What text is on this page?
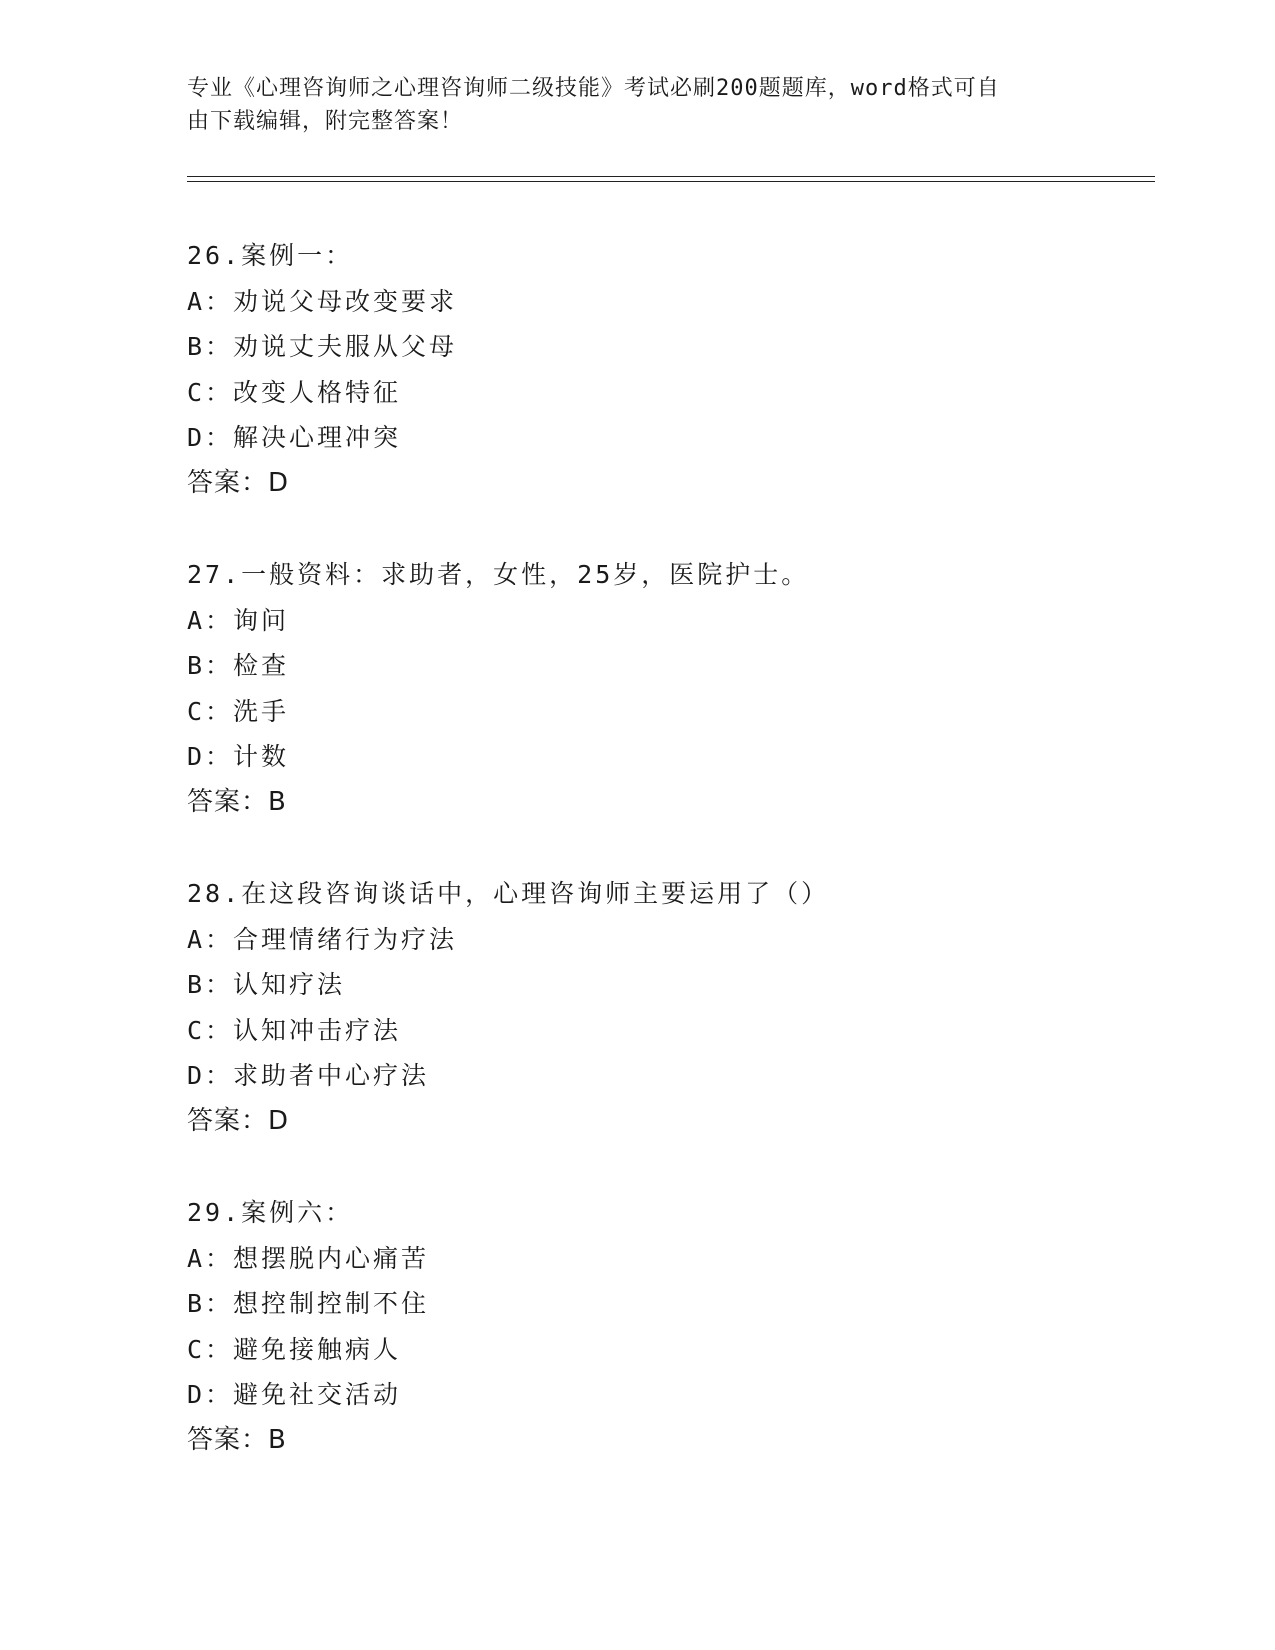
专业《心理咨询师之心理咨询师二级技能》考试必刷200题题库，word格式可自
由下载编辑，附完整答案！
26.案例一：
A：劝说父母改变要求
B：劝说丈夫服从父母
C：改变人格特征
D：解决心理冲突
答案：D
27.一般资料：求助者，女性，25岁，医院护士。
A：询问
B：检查
C：洗手
D：计数
答案：B
28.在这段咨询谈话中，心理咨询师主要运用了（）
A：合理情绪行为疗法
B：认知疗法
C：认知冲击疗法
D：求助者中心疗法
答案：D
29.案例六：
A：想摆脱内心痛苦
B：想控制控制不住
C：避免接触病人
D：避免社交活动
答案：B
